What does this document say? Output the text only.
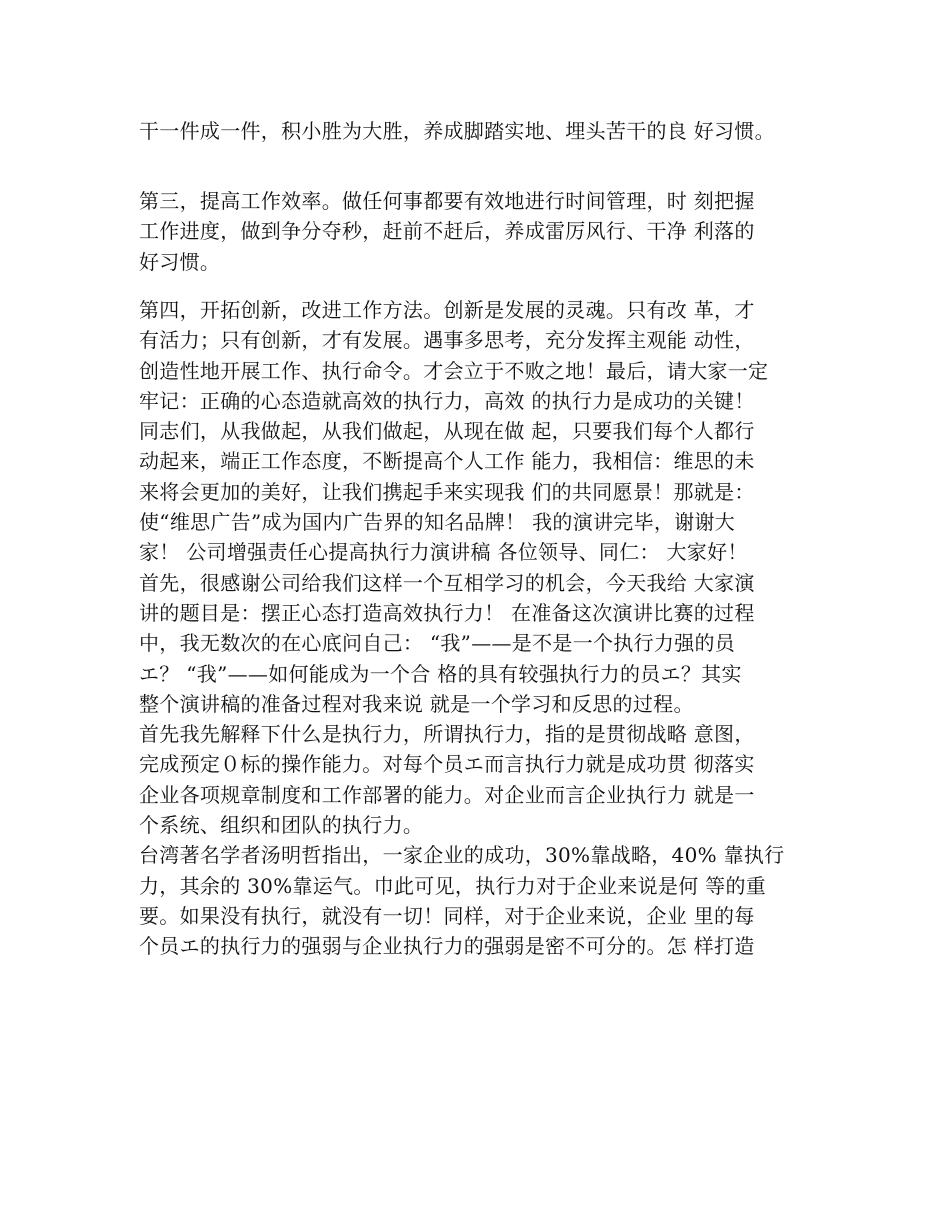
干一件成一件，积小胜为大胜，养成脚踏实地、埋头苦干的良 好习惯。
第三，提高工作效率。做任何事都要有效地进行时间管理，时 刻把握
工作进度，做到争分夺秒，赶前不赶后，养成雷厉风行、干净 利落的
好习惯。
第四，开拓创新，改进工作方法。创新是发展的灵魂。只有改 革，才
有活力；只有创新，才有发展。遇事多思考，充分发挥主观能 动性，
创造性地开展工作、执行命令。才会立于不败之地！最后，请大家一定
牢记：正确的心态造就高效的执行力，高效 的执行力是成功的关键！
同志们，从我做起，从我们做起，从现在做 起，只要我们每个人都行
动起来，端正工作态度，不断提高个人工作 能力，我相信：维思的未
来将会更加的美好，让我们携起手来实现我 们的共同愿景！那就是：
使“维思广告”成为国内广告界的知名品牌！ 我的演讲完毕，谢谢大
家！ 公司增强责任心提高执行力演讲稿 各位领导、同仁： 大家好！
首先，很感谢公司给我们这样一个互相学习的机会，今天我给 大家演
讲的题目是：摆正心态打造高效执行力！ 在准备这次演讲比赛的过程
中，我无数次的在心底问自己： “我”——是不是一个执行力强的员
エ？ “我”——如何能成为一个合 格的具有较强执行力的员エ？其实
整个演讲稿的准备过程对我来说 就是一个学习和反思的过程。
首先我先解释下什么是执行力，所谓执行力，指的是贯彻战略 意图，
完成预定０标的操作能力。对每个员エ而言执行力就是成功贯 彻落实
企业各项规章制度和工作部署的能力。对企业而言企业执行力 就是一
个系统、组织和团队的执行力。
台湾著名学者汤明哲指出，一家企业的成功，30%靠战略，40% 靠执行
力，其余的 30%靠运气。巾此可见，执行力对于企业来说是何 等的重
要。如果没有执行，就没有一切！同样，对于企业来说，企业 里的每
个员エ的执行力的强弱与企业执行力的强弱是密不可分的。怎 样打造
